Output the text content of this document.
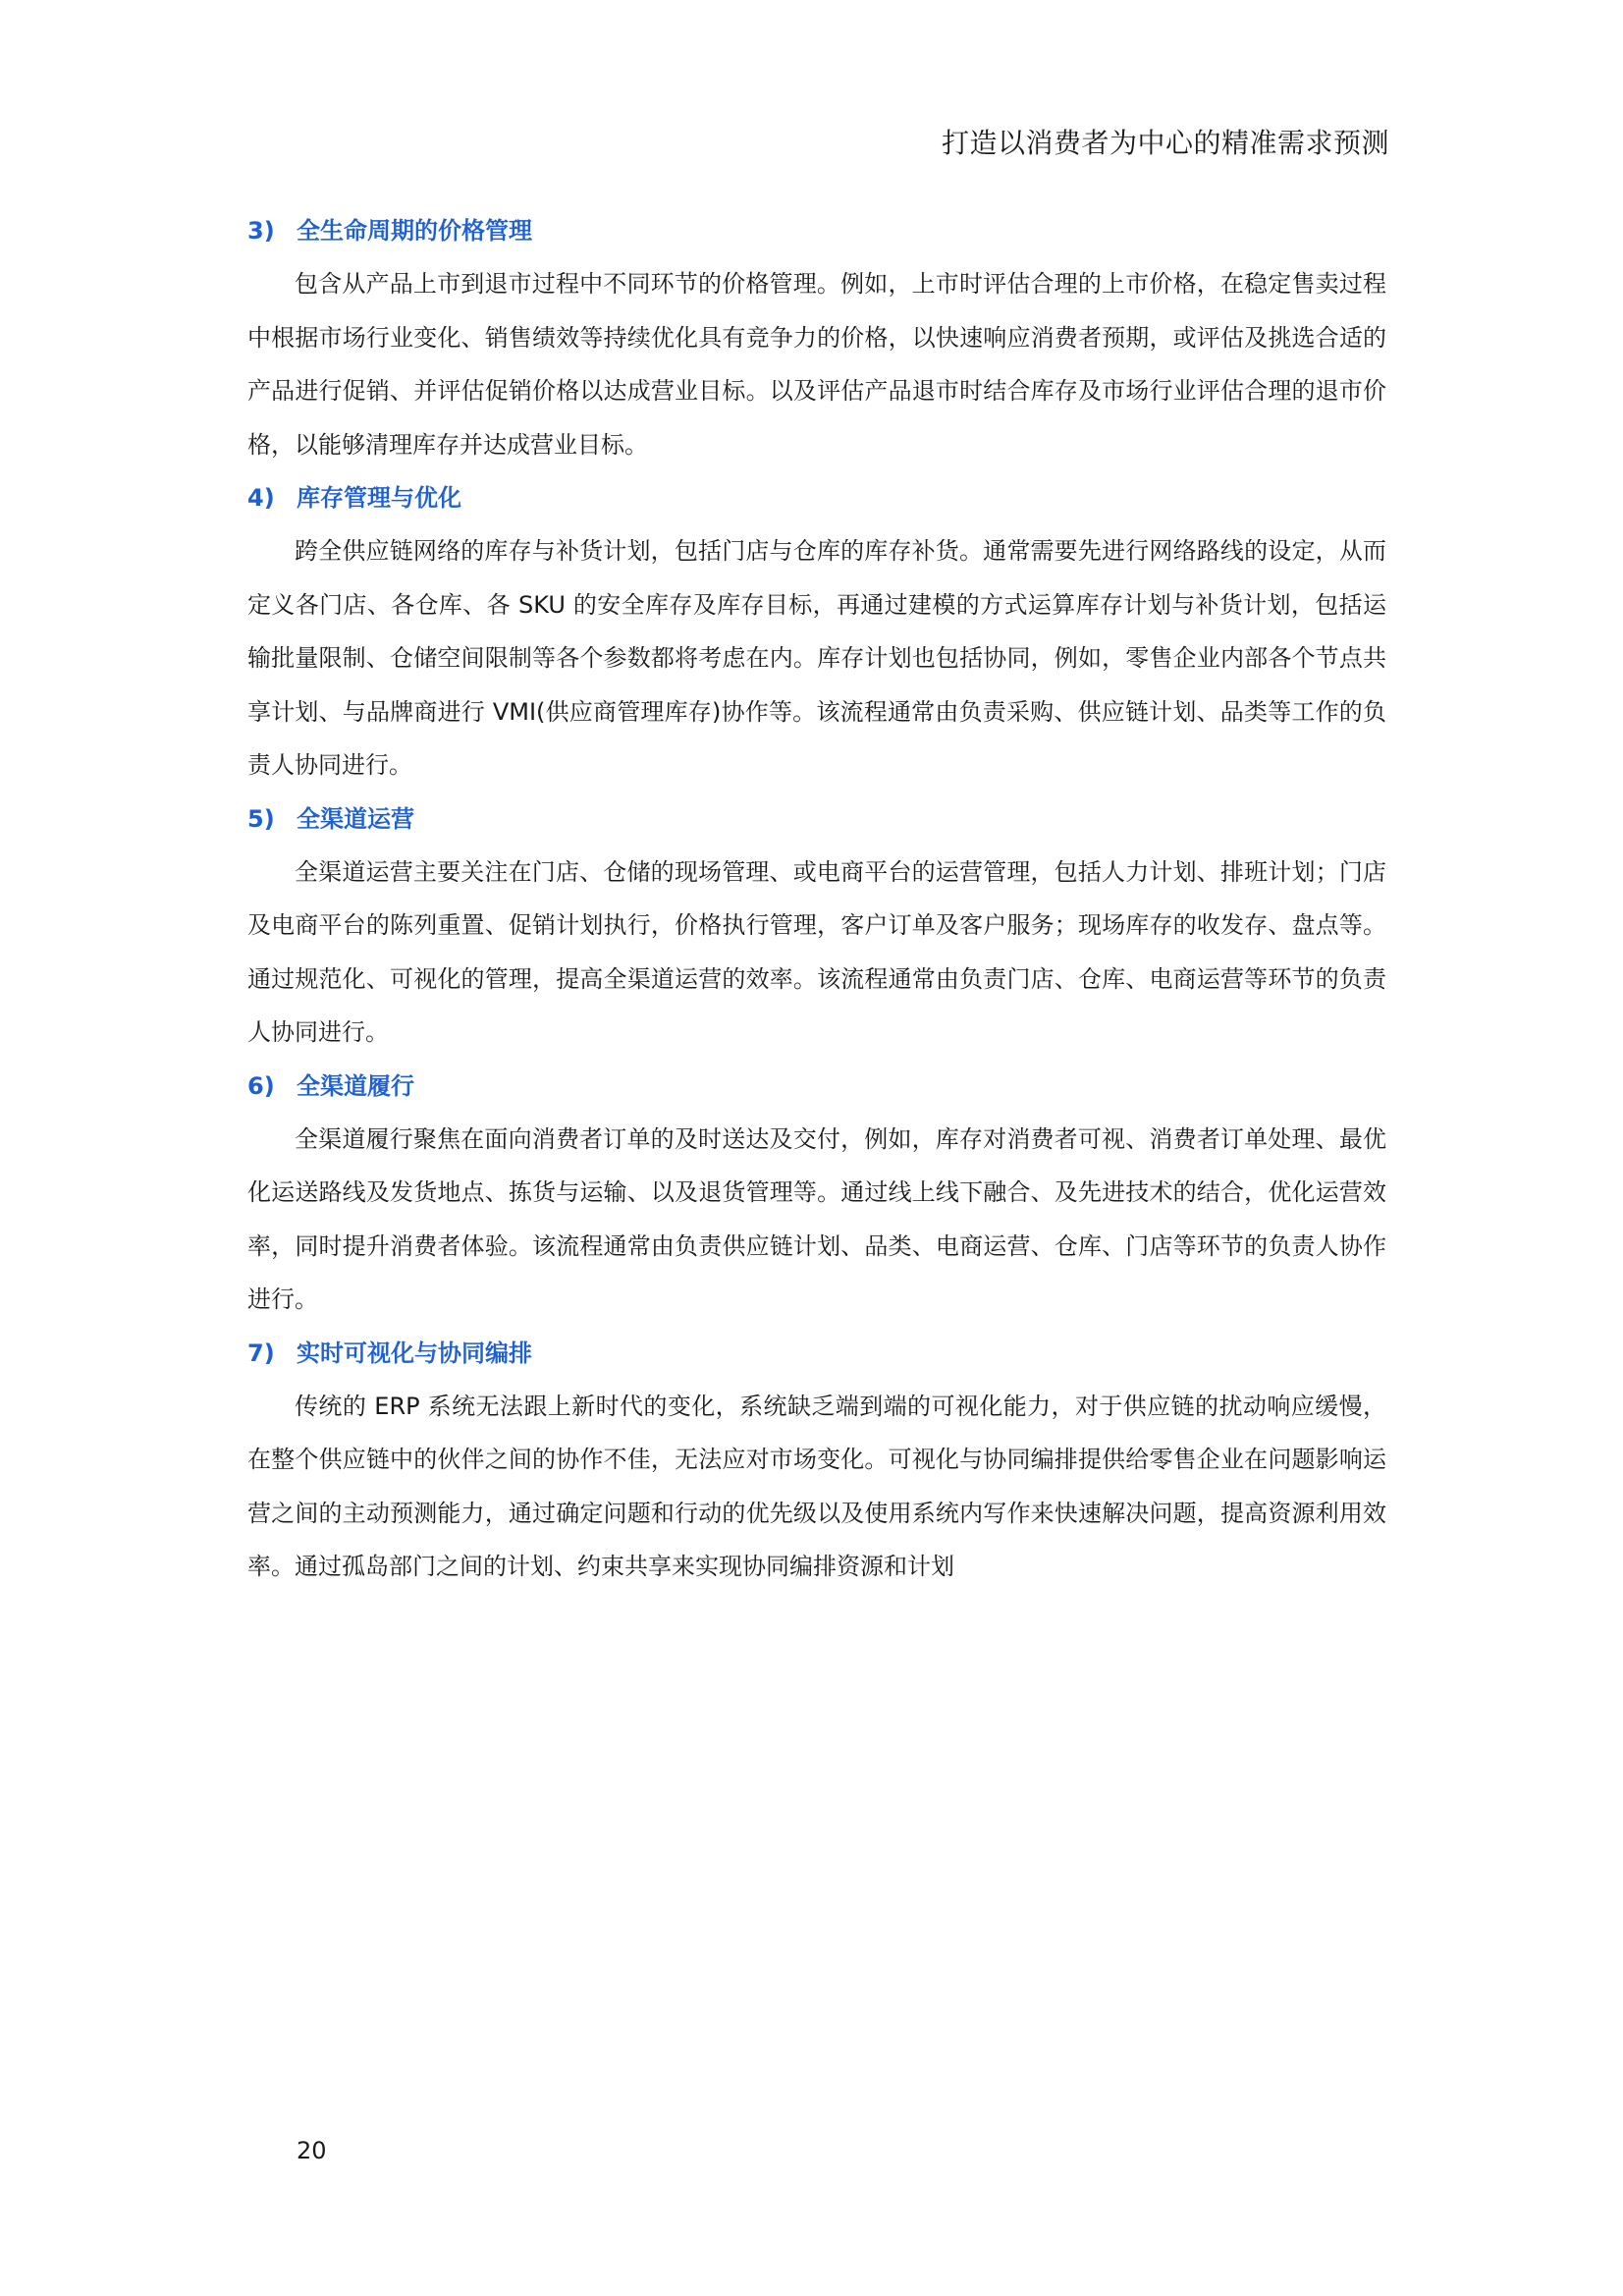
打造以消费者为中心的精准需求预测
3) 全生命周期的价格管理

包含从产品上市到退市过程中不同环节的价格管理。例如，上市时评估合理的上市价格，在稳定售卖过程中根据市场行业变化、销售绩效等持续优化具有竞争力的价格，以快速响应消费者预期，或评估及挑选合适的产品进行促销、并评估促销价格以达成营业目标。以及评估产品退市时结合库存及市场行业评估合理的退市价格，以能够清理库存并达成营业目标。

4) 库存管理与优化

跨全供应链网络的库存与补货计划，包括门店与仓库的库存补货。通常需要先进行网络路线的设定，从而定义各门店、各仓库、各 SKU 的安全库存及库存目标，再通过建模的方式运算库存计划与补货计划，包括运输批量限制、仓储空间限制等各个参数都将考虑在内。库存计划也包括协同，例如，零售企业内部各个节点共享计划、与品牌商进行 VMI(供应商管理库存)协作等。该流程通常由负责采购、供应链计划、品类等工作的负责人协同进行。

5) 全渠道运营

全渠道运营主要关注在门店、仓储的现场管理、或电商平台的运营管理，包括人力计划、排班计划；门店及电商平台的陈列重置、促销计划执行，价格执行管理，客户订单及客户服务；现场库存的收发存、盘点等。通过规范化、可视化的管理，提高全渠道运营的效率。该流程通常由负责门店、仓库、电商运营等环节的负责人协同进行。

6) 全渠道履行

全渠道履行聚焦在面向消费者订单的及时送达及交付，例如，库存对消费者可视、消费者订单处理、最优化运送路线及发货地点、拣货与运输、以及退货管理等。通过线上线下融合、及先进技术的结合，优化运营效率，同时提升消费者体验。该流程通常由负责供应链计划、品类、电商运营、仓库、门店等环节的负责人协作进行。

7) 实时可视化与协同编排

传统的 ERP 系统无法跟上新时代的变化，系统缺乏端到端的可视化能力，对于供应链的扰动响应缓慢，在整个供应链中的伙伴之间的协作不佳，无法应对市场变化。可视化与协同编排提供给零售企业在问题影响运营之间的主动预测能力，通过确定问题和行动的优先级以及使用系统内写作来快速解决问题，提高资源利用效率。通过孤岛部门之间的计划、约束共享来实现协同编排资源和计划

20
